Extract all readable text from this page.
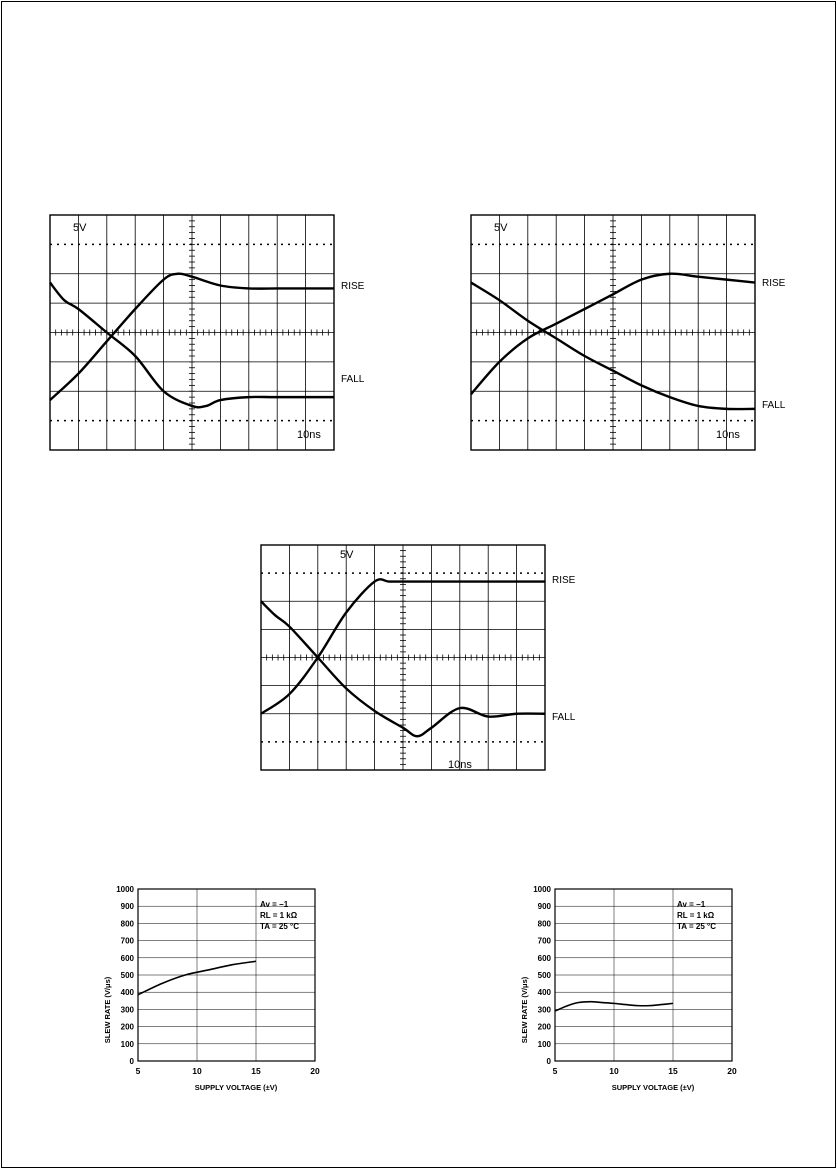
5V
10ns
RISE
FALL
5V
10ns
RISE
FALL
5V
10ns
RISE
FALL
0
100
200
300
400
500
600
700
800
900
1000
5	10	15	20
SUPPLY VOLTAGE (±V)
SLEW RATE (V/μs)
Av = −1
RL = 1 kΩ
TA = 25 °C
0
100
200
300
400
500
600
700
800
900
1000
5	10	15	20
SUPPLY VOLTAGE (±V)
SLEW RATE (V/μs)
Av = −1
RL = 1 kΩ
TA = 25 °C
